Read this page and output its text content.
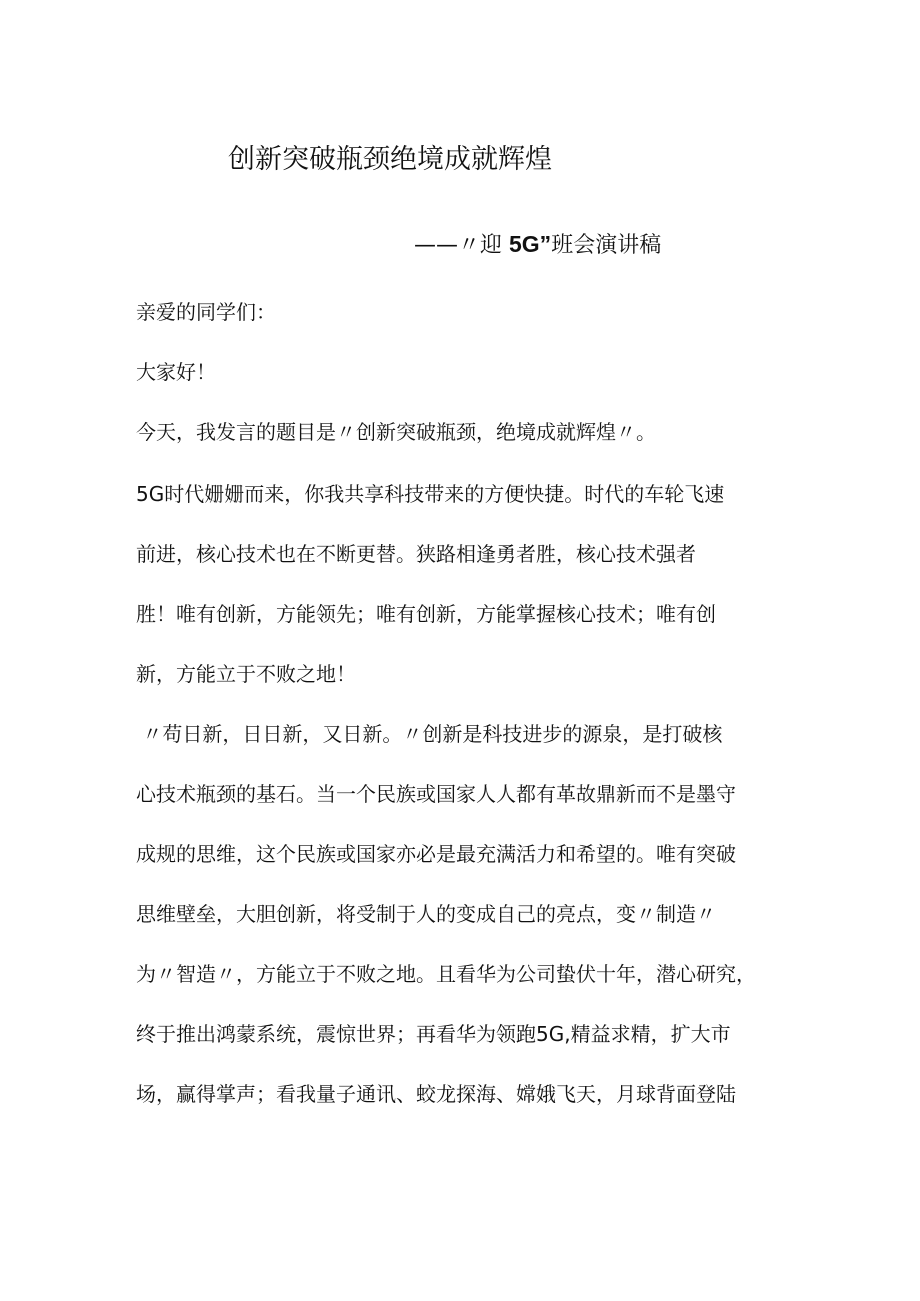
创新突破瓶颈绝境成就辉煌
——〃迎 5G”班会演讲稿

亲爱的同学们：

大家好！

今天，我发言的题目是〃创新突破瓶颈，绝境成就辉煌〃。

5G时代姗姗而来，你我共享科技带来的方便快捷。时代的车轮飞速
前进，核心技术也在不断更替。狭路相逢勇者胜，核心技术强者
胜！唯有创新，方能领先；唯有创新，方能掌握核心技术；唯有创
新，方能立于不败之地！
〃苟日新，日日新，又日新。〃创新是科技进步的源泉，是打破核
心技术瓶颈的基石。当一个民族或国家人人都有革故鼎新而不是墨守
成规的思维，这个民族或国家亦必是最充满活力和希望的。唯有突破
思维壁垒，大胆创新，将受制于人的变成自己的亮点，变〃制造〃
为〃智造〃，方能立于不败之地。且看华为公司蛰伏十年，潜心研究，
终于推出鸿蒙系统，震惊世界；再看华为领跑5G,精益求精，扩大市
场，赢得掌声；看我量子通讯、蛟龙探海、嫦娥飞天，月球背面登陆
